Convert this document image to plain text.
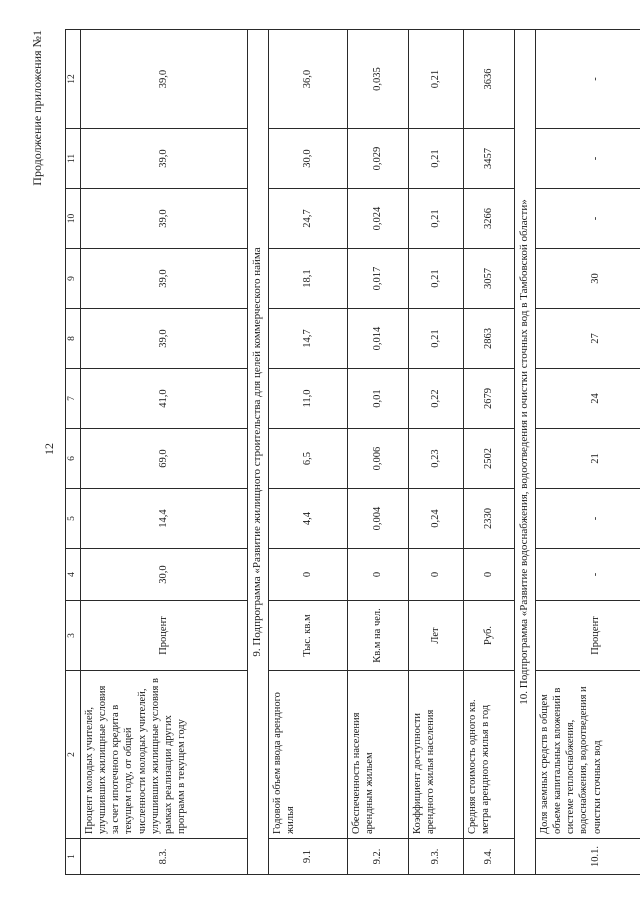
12
Продолжение приложения №1
1	2	3	4	5	6	7	8	9	10	11	12
8.3.	Процент молодых учителей, улучшивших жилищные условия за счет ипотечного кредита в текущем году, от общей численности молодых учителей, улучшивших жилищные условия в рамках реализации других программ в текущем году	Процент	30,0	14,4	69,0	41,0	39,0	39,0	39,0	39,0	39,0
9. Подпрограмма «Развитие жилищного строительства для целей коммерческого найма											
9.1	Годовой объем ввода арендного жилья	Тыс. кв.м	0	4,4	6,5	11,0	14,7	18,1	24,7	30,0	36,0
9.2.	Обеспеченность населения арендным жильем	Кв.м на чел.	0	0,004	0,006	0,01	0,014	0,017	0,024	0,029	0,035
9.3.	Коэффициент доступности арендного жилья населения	Лет	0	0,24	0,23	0,22	0,21	0,21	0,21	0,21	0,21
9.4.	Средняя стоимость одного кв. метра арендного жилья в год	Руб.	0	2330	2502	2679	2863	3057	3266	3457	3636
10. Подпрограмма «Развитие водоснабжения, водоотведения и очистки сточных вод в Тамбовской области»											
10.1.	Доля заемных средств в общем объеме капитальных вложений в системе теплоснабжения, водоснабжения, водоотведения и очистки сточных вод	Процент	-	-	21	24	27	30	-	-	-
